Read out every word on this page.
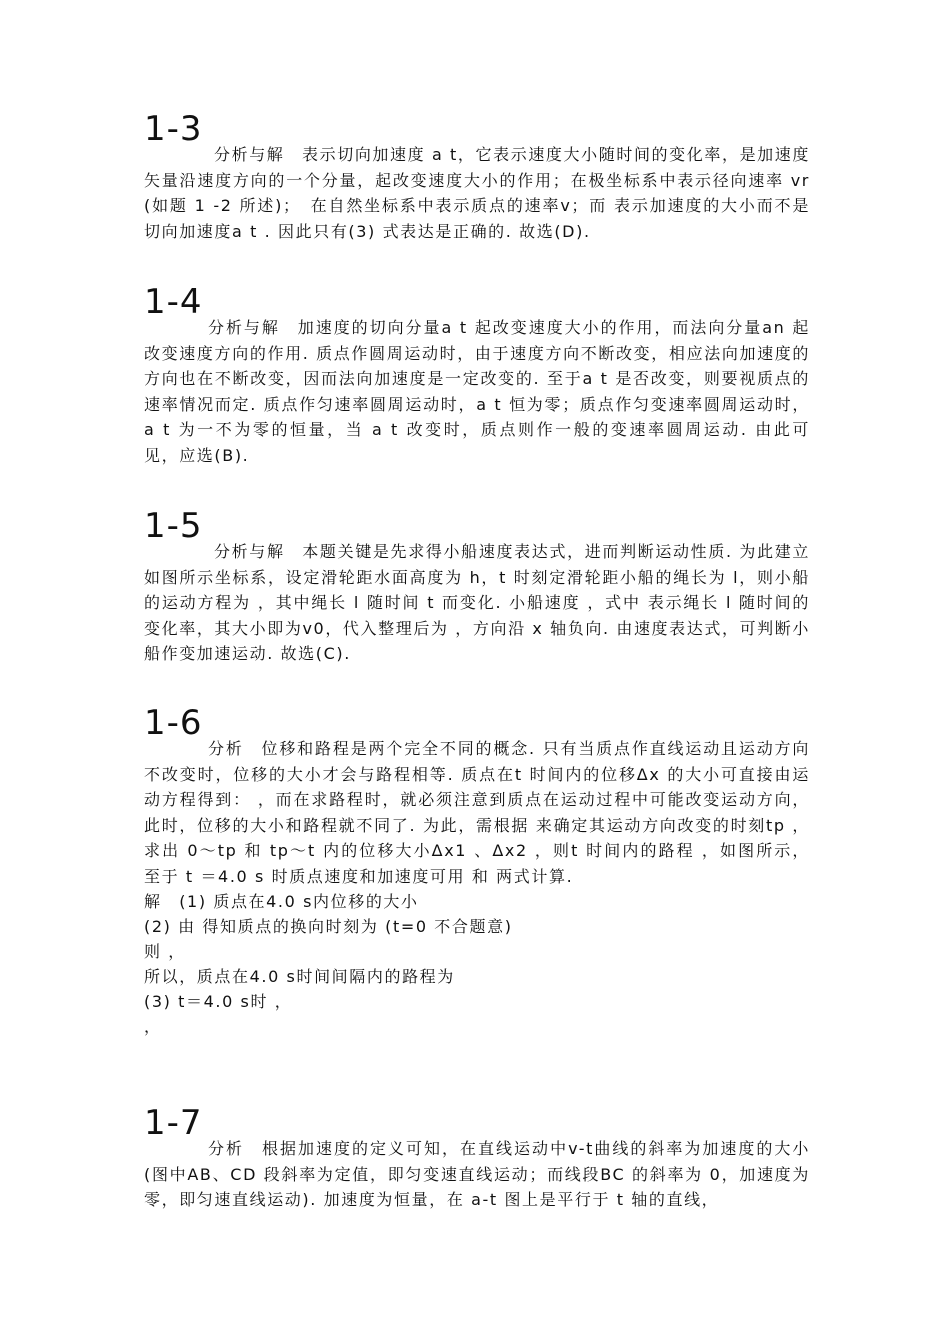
1-3

分析与解　表示切向加速度 a t，它表示速度大小随时间的变化率，是加速度矢量沿速度方向的一个分量，起改变速度大小的作用；在极坐标系中表示径向速率 vr(如题 1 -2 所述)；　在自然坐标系中表示质点的速率v；而 表示加速度的大小而不是切向加速度a t . 因此只有(3) 式表达是正确的. 故选(D).

1-4

分析与解　加速度的切向分量a t 起改变速度大小的作用，而法向分量an 起改变速度方向的作用. 质点作圆周运动时，由于速度方向不断改变，相应法向加速度的方向也在不断改变，因而法向加速度是一定改变的. 至于a t 是否改变，则要视质点的速率情况而定. 质点作匀速率圆周运动时，a t 恒为零；质点作匀变速率圆周运动时，a t 为一不为零的恒量，当 a t 改变时，质点则作一般的变速率圆周运动. 由此可见，应选(B).

1-5

分析与解　本题关键是先求得小船速度表达式，进而判断运动性质. 为此建立如图所示坐标系，设定滑轮距水面高度为 h，t 时刻定滑轮距小船的绳长为 l，则小船的运动方程为 ，其中绳长 l 随时间 t 而变化. 小船速度 ，式中 表示绳长 l 随时间的变化率，其大小即为v0，代入整理后为 ，方向沿 x 轴负向. 由速度表达式，可判断小船作变加速运动. 故选(C).

1-6

分析　位移和路程是两个完全不同的概念. 只有当质点作直线运动且运动方向不改变时，位移的大小才会与路程相等. 质点在t 时间内的位移Δx 的大小可直接由运动方程得到： ，而在求路程时，就必须注意到质点在运动过程中可能改变运动方向，此时，位移的大小和路程就不同了. 为此，需根据 来确定其运动方向改变的时刻tp ，求出 0～tp 和 tp～t 内的位移大小Δx1 、Δx2 ，则t 时间内的路程 ，如图所示，至于 t ＝4.0 s 时质点速度和加速度可用 和 两式计算.

解　(1) 质点在4.0 s内位移的大小

(2) 由 得知质点的换向时刻为 (t=0 不合题意)

则 ，

所以，质点在4.0 s时间间隔内的路程为

(3) t＝4.0 s时 ，

，

1-7

分析　根据加速度的定义可知，在直线运动中v-t曲线的斜率为加速度的大小(图中AB、CD 段斜率为定值，即匀变速直线运动；而线段BC 的斜率为 0，加速度为零，即匀速直线运动). 加速度为恒量，在 a-t 图上是平行于 t 轴的直线，
